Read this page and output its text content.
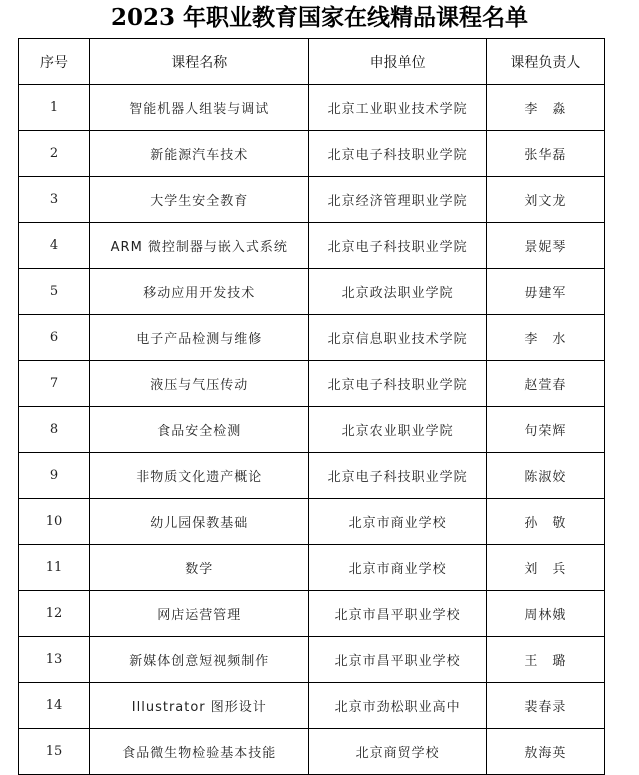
2023 年职业教育国家在线精品课程名单
序号	课程名称	申报单位	课程负责人
1	智能机器人组装与调试	北京工业职业技术学院	李　淼
2	新能源汽车技术	北京电子科技职业学院	张华磊
3	大学生安全教育	北京经济管理职业学院	刘文龙
4	ARM 微控制器与嵌入式系统	北京电子科技职业学院	景妮琴
5	移动应用开发技术	北京政法职业学院	毋建军
6	电子产品检测与维修	北京信息职业技术学院	李　水
7	液压与气压传动	北京电子科技职业学院	赵萱春
8	食品安全检测	北京农业职业学院	句荣辉
9	非物质文化遗产概论	北京电子科技职业学院	陈淑姣
10	幼儿园保教基础	北京市商业学校	孙　敬
11	数学	北京市商业学校	刘　兵
12	网店运营管理	北京市昌平职业学校	周林娥
13	新媒体创意短视频制作	北京市昌平职业学校	王　璐
14	Illustrator 图形设计	北京市劲松职业高中	裴春录
15	食品微生物检验基本技能	北京商贸学校	敖海英
